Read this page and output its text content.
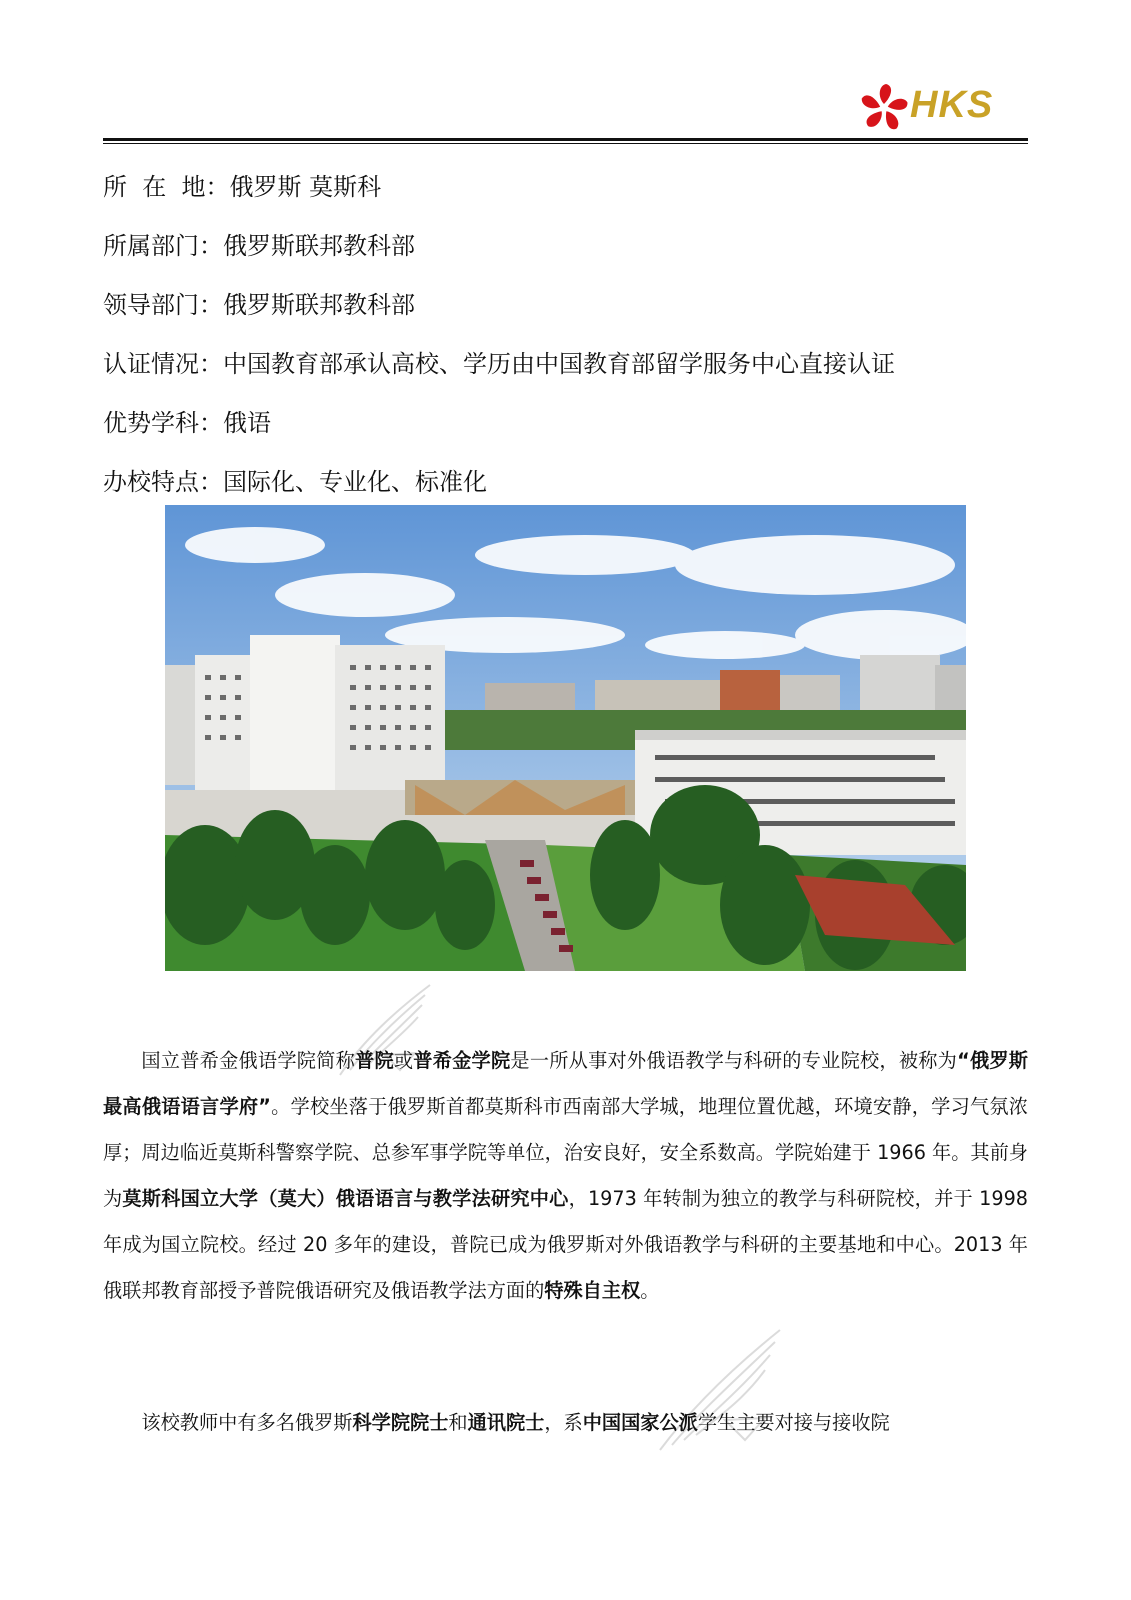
HKS
所  在  地： 俄罗斯 莫斯科
所属部门： 俄罗斯联邦教科部
领导部门： 俄罗斯联邦教科部
认证情况： 中国教育部承认高校、学历由中国教育部留学服务中心直接认证
优势学科： 俄语
办校特点： 国际化、专业化、标准化
国立普希金俄语学院简称普院或普希金学院是一所从事对外俄语教学与科研的专业院校，被称为“俄罗斯最高俄语语言学府”。学校坐落于俄罗斯首都莫斯科市西南部大学城，地理位置优越，环境安静，学习气氛浓厚；周边临近莫斯科警察学院、总参军事学院等单位，治安良好，安全系数高。学院始建于 1966 年。其前身为莫斯科国立大学（莫大）俄语语言与教学法研究中心，1973 年转制为独立的教学与科研院校，并于 1998 年成为国立院校。经过 20 多年的建设，普院已成为俄罗斯对外俄语教学与科研的主要基地和中心。2013 年俄联邦教育部授予普院俄语研究及俄语教学法方面的特殊自主权。
该校教师中有多名俄罗斯科学院院士和通讯院士，系中国国家公派学生主要对接与接收院
